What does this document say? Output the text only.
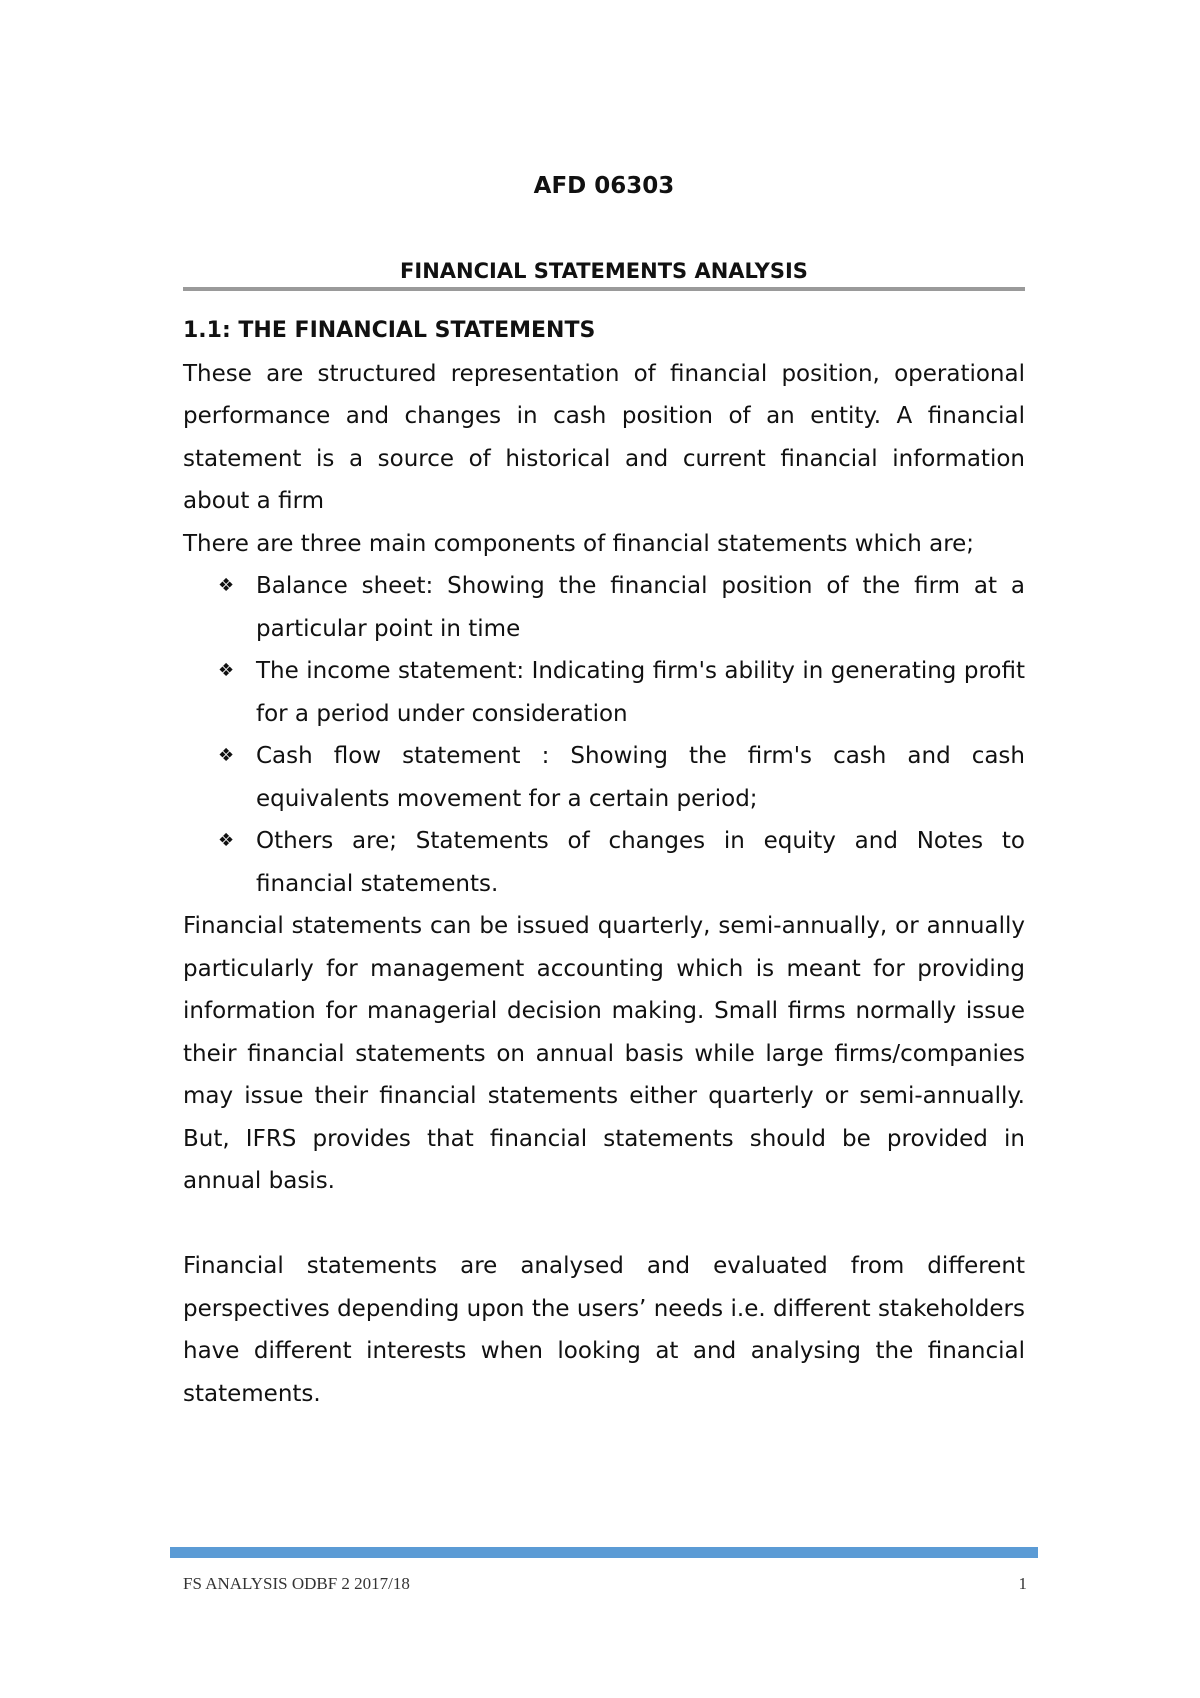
AFD 06303
FINANCIAL STATEMENTS ANALYSIS

1.1: THE FINANCIAL STATEMENTS

These are structured representation of financial position, operational performance and changes in cash position of an entity. A financial statement is a source of historical and current financial information about a firm

There are three main components of financial statements which are;

❖ Balance sheet: Showing the financial position of the firm at a particular point in time
❖ The income statement: Indicating firm's ability in generating profit for a period under consideration
❖ Cash flow statement : Showing the firm's cash and cash equivalents movement for a certain period;
❖ Others are; Statements of changes in equity and Notes to financial statements.

Financial statements can be issued quarterly, semi-annually, or annually particularly for management accounting which is meant for providing information for managerial decision making. Small firms normally issue their financial statements on annual basis while large firms/companies may issue their financial statements either quarterly or semi-annually. But, IFRS provides that financial statements should be provided in annual basis.

Financial statements are analysed and evaluated from different perspectives depending upon the users’ needs i.e. different stakeholders have different interests when looking at and analysing the financial statements.

FS ANALYSIS ODBF 2 2017/18	1
